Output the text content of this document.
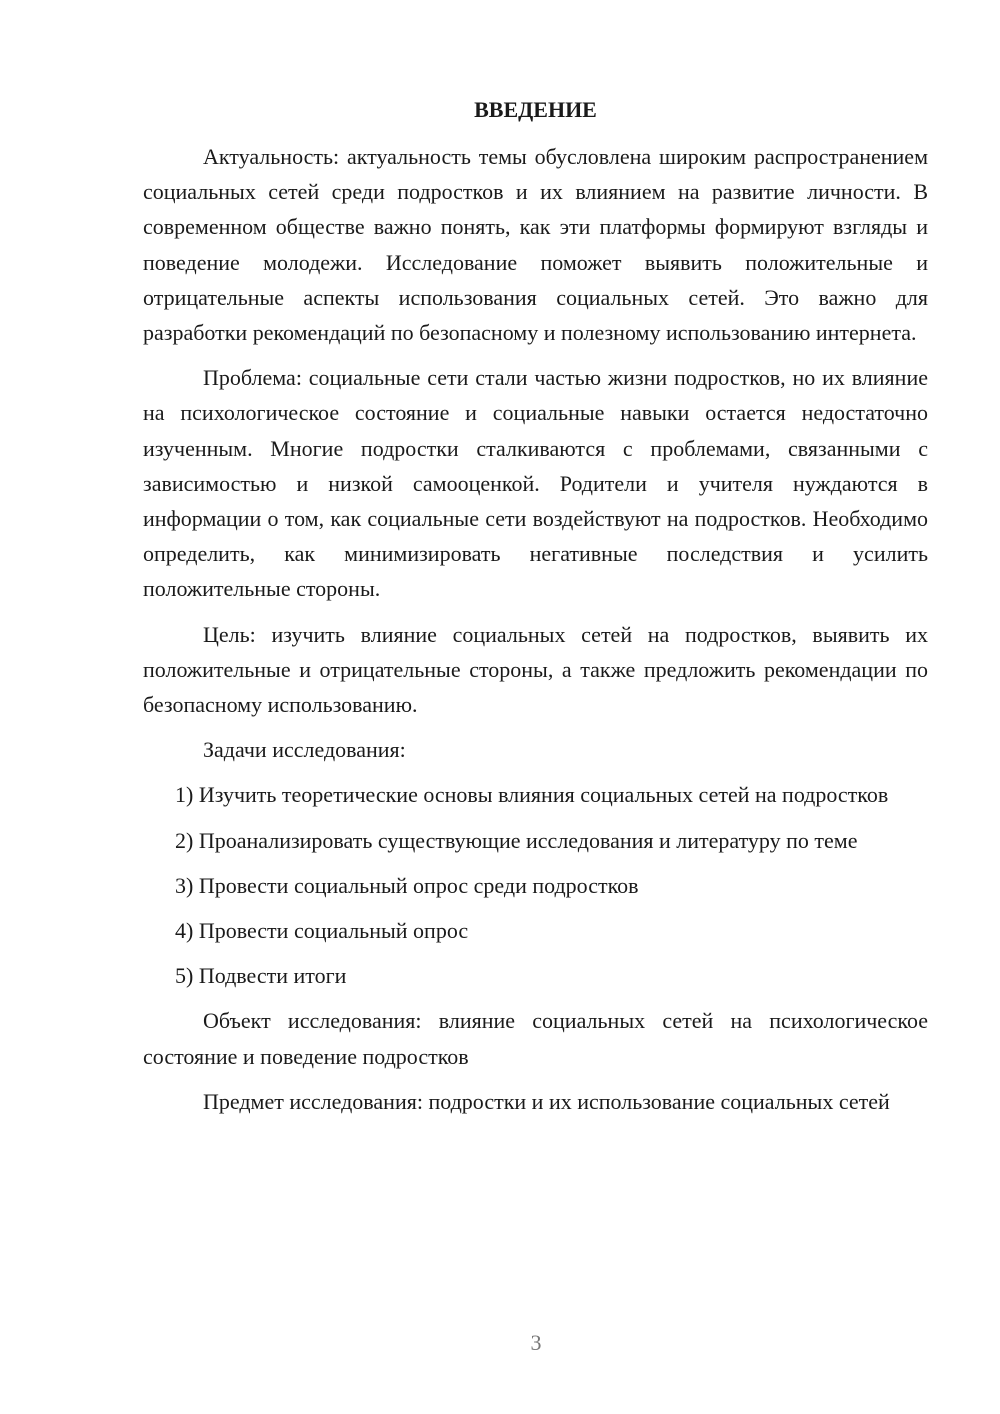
ВВЕДЕНИЕ

Актуальность: актуальность темы обусловлена широким распространением социальных сетей среди подростков и их влиянием на развитие личности. В современном обществе важно понять, как эти платформы формируют взгляды и поведение молодежи. Исследование поможет выявить положительные и отрицательные аспекты использования социальных сетей. Это важно для разработки рекомендаций по безопасному и полезному использованию интернета.

Проблема: социальные сети стали частью жизни подростков, но их влияние на психологическое состояние и социальные навыки остается недостаточно изученным. Многие подростки сталкиваются с проблемами, связанными с зависимостью и низкой самооценкой. Родители и учителя нуждаются в информации о том, как социальные сети воздействуют на подростков. Необходимо определить, как минимизировать негативные последствия и усилить положительные стороны.

Цель: изучить влияние социальных сетей на подростков, выявить их положительные и отрицательные стороны, а также предложить рекомендации по безопасному использованию.

Задачи исследования:

1) Изучить теоретические основы влияния социальных сетей на подростков

2) Проанализировать существующие исследования и литературу по теме

3) Провести социальный опрос среди подростков

4) Провести социальный опрос

5) Подвести итоги

Объект исследования: влияние социальных сетей на психологическое состояние и поведение подростков

Предмет исследования: подростки и их использование социальных сетей

3
